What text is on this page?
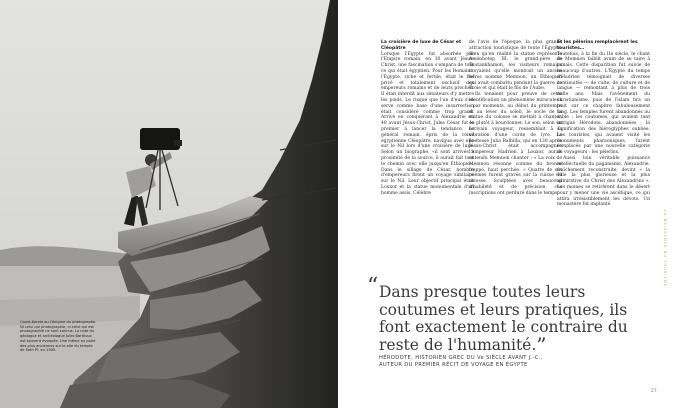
Ouest-Kerelo ou l'énigme du photographe. Ni celui qui photographie, ni celui qui est photographié ne sont connus. La note du géologue et archéologue Jules Barthoux est souvent évoquée. Une même au point des plus anciennes sur le site du temple de Seth Pl. en 1900.
La croisière de luxe de César et Cléopâtre

Lorsque l'Égypte fut absorbée par l'Empire romain, en 30 avant Jésus-Christ, une fascination s'empara de tout ce qui était égyptien. Pour les Romains, l'Égypte, riche et fertile, était le fief privé et totalement exclusif des empereurs romains et de leurs proches. Il était interdit aux sénateurs d'y mettre les pieds. Le risque que l'un d'eux s'en serve comme base d'une insurrection était considéré comme trop grand. Arrivé en conquérant à Alexandrie en 48 avant Jésus-Christ, Jules César fut le premier à lancer la tendance. Le général romain, épris de la reine égyptienne Cléopâtre, navigua avec elle sur le Nil lors d'une croisière de luxe. Selon un biographe, «il sont arrivés à proximité de la source, il aurait fait tout le chemin avec elle jusqu'en Éthiopie». Dans le sillage de César, nombre d'empereurs firent un voyage similaire sur le Nil. Leur objectif principal était Louxor et la statue monumentale d'un homme assis. Célèbre

de l'avis de l'époque, la plus grande attraction touristique de toute l'Égypte. Bien qu'en réalité la statue représente Aménhotep III, le grand-père de Toutankhamon, les visiteurs romains croyaient qu'elle montrait un ancien héros nommé Memnon, un Éthiopien qui avait combattu pendant la guerre de Troie et qui était le fils de l'Aube.

Ils tenaient pour preuve de cette identification un phénomène miraculeux : par moments, au début du printemps et au lever du soleil, le socle de la statue du colosse se mettait à chanter, ou plutôt à bourdonner. Le son, selon un écrivain voyageur, ressemblait à la vibration d'une corde de lyre. La poétesse Julia Balbilla, qui en 130 après Jésus-Christ était accompagnée l'empereur Hadrien à Louxor, aurait entendu Memnon chanter : « La voix de Memnon résonne comme du bronze frappé, haut perchée. » Quatre de ses poèmes furent gravés sur la cuisse du colosse. Sculptées avec beaucoup d'habileté et de précision, ces inscriptions ont perduré dans le temps.

Et les pèlerins remplacèrent les touristes…

Toutefois, à la fin du IIe siècle, le chant de Memnon faiblit avant de se taire à jamais. Cette disparition fut suivie de beaucoup d'autres. L'Égypte du temps d'Hadrien témoignait de diverses continuités — de culte, de culture et de langue — remontant à plus de trois mille ans. Mais l'avènement du christianisme, puis de l'islam tira un trait sur ce chapitre fabuleusement long. Les temples furent abandonnés au sable ; les coutumes, qui avaient tant intrigué Hérodote, abandonnées ; la signification des hiéroglyphes oubliée. Les touristes, qui avaient visité les monuments pharaoniques, furent remplacés par une nouvelle catégorie de voyageurs : les pèlerins.

Aussi loin véritable puissance intellectuelle du paganisme, Alexandrie, fraîchement reconstruite, devint « la ville la plus glorieuse et la plus admirative du Christ des Alexandrins ». Les moines se retirèrent dans le désert pour y mener une vie ascétique, ce qui attira irrésistiblement les dévots. Un monastère fut implanté

“ Dans presque toutes leurs coutumes et leurs pratiques, ils font exactement le contraire du reste de l'humanité.”
HÉRODOTE, HISTORIEN GREC DU Ve SIÈCLE AVANT J.-C.,
AUTEUR DU PREMIER RÉCIT DE VOYAGE EN ÉGYPTE
LA NAISSANCE DU TOURISME
27
